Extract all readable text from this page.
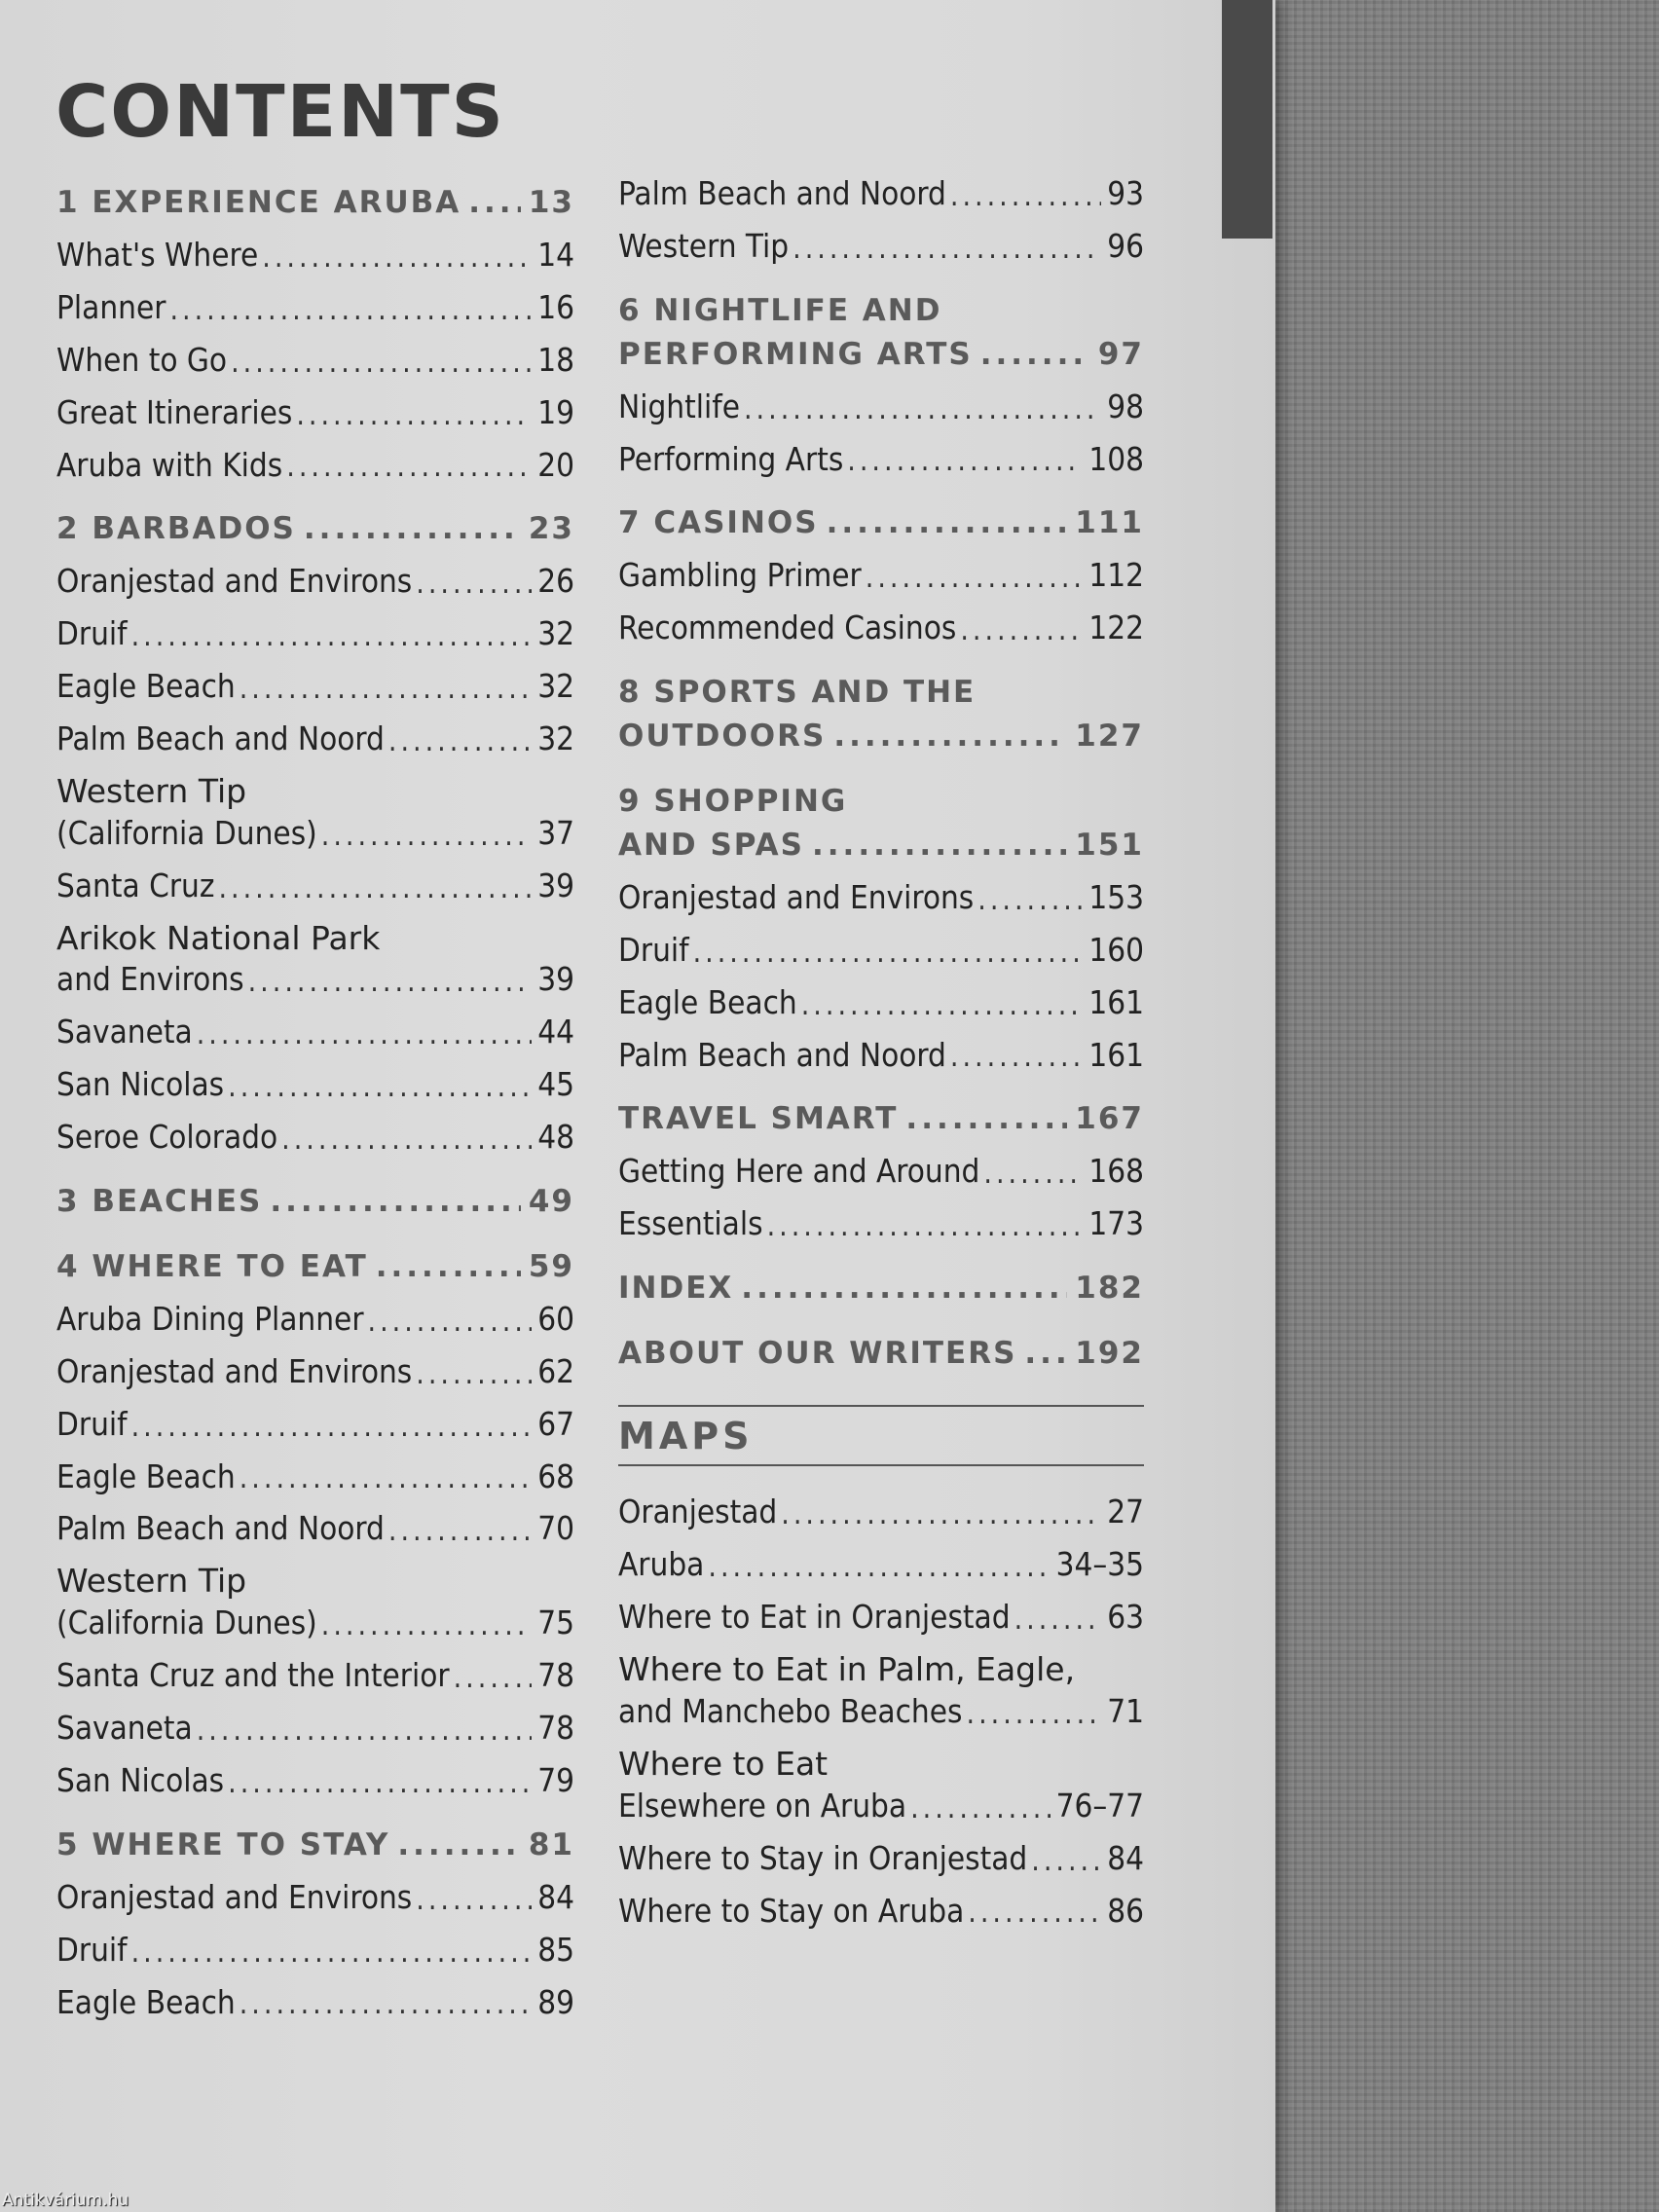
CONTENTS
1 EXPERIENCE ARUBA ..... 13
What's Where .....	14
Planner .....	16
When to Go .....	18
Great Itineraries .....	19
Aruba with Kids .....	20
2 BARBADOS .....	23
Oranjestad and Environs .....	26
Druif .....	32
Eagle Beach .....	32
Palm Beach and Noord .....	32
Western Tip
(California Dunes) .....	37
Santa Cruz .....	39
Arikok National Park
and Environs .....	39
Savaneta .....	44
San Nicolas .....	45
Seroe Colorado .....	48
3 BEACHES .....	49
4 WHERE TO EAT .....	59
Aruba Dining Planner .....	60
Oranjestad and Environs .....	62
Druif .....	67
Eagle Beach .....	68
Palm Beach and Noord .....	70
Western Tip
(California Dunes) .....	75
Santa Cruz and the Interior .....	78
Savaneta .....	78
San Nicolas .....	79
5 WHERE TO STAY .....	81
Oranjestad and Environs .....	84
Druif .....	85
Eagle Beach .....	89
Palm Beach and Noord .....	93
Western Tip .....	96
6 NIGHTLIFE AND
PERFORMING ARTS .....	97
Nightlife .....	98
Performing Arts .....	108
7 CASINOS .....	111
Gambling Primer .....	112
Recommended Casinos .....	122
8 SPORTS AND THE
OUTDOORS .....	127
9 SHOPPING
AND SPAS .....	151
Oranjestad and Environs .....	153
Druif .....	160
Eagle Beach .....	161
Palm Beach and Noord .....	161
TRAVEL SMART .....	167
Getting Here and Around .....	168
Essentials .....	173
INDEX .....	182
ABOUT OUR WRITERS ..... 192
MAPS
Oranjestad .....	27
Aruba .....	34–35
Where to Eat in Oranjestad .....	63
Where to Eat in Palm, Eagle,
and Manchebo Beaches .....	71
Where to Eat
Elsewhere on Aruba .....	76–77
Where to Stay in Oranjestad ..... 84
Where to Stay on Aruba .....	86
Antikvárium.hu
